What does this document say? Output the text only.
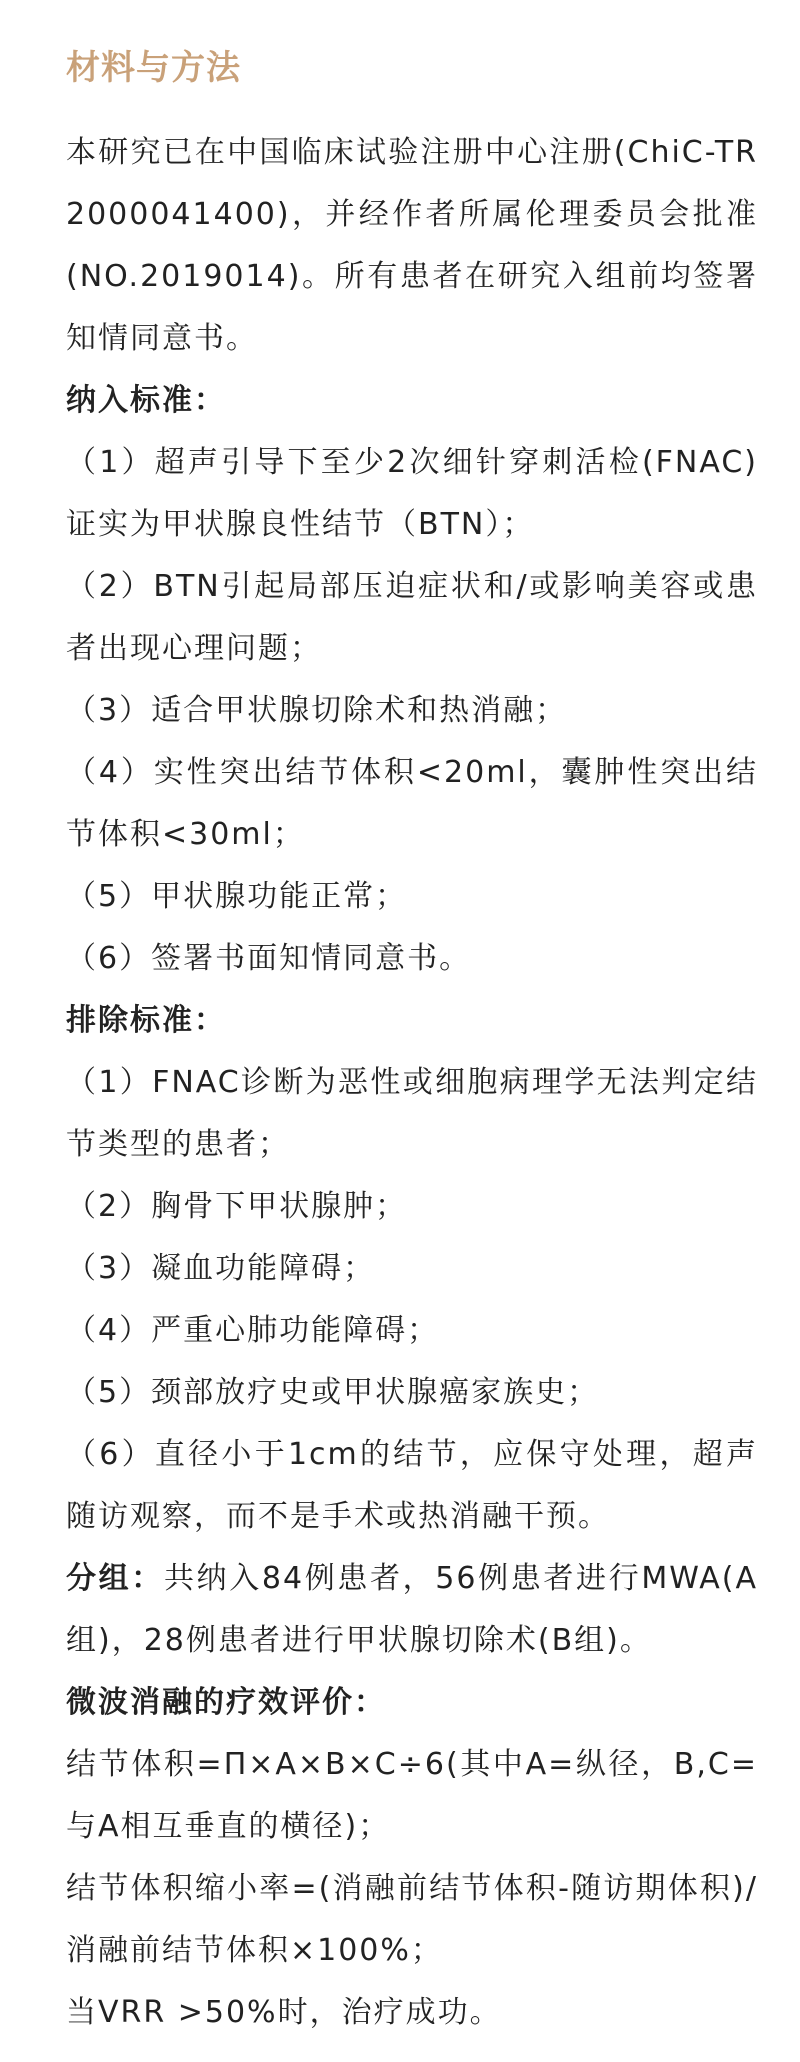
材料与方法

本研究已在中国临床试验注册中心注册(ChiC-TR2000041400)，并经作者所属伦理委员会批准(NO.2019014)。所有患者在研究入组前均签署知情同意书。

纳入标准：

（1）超声引导下至少2次细针穿刺活检(FNAC)证实为甲状腺良性结节（BTN）；

（2）BTN引起局部压迫症状和/或影响美容或患者出现心理问题；

（3）适合甲状腺切除术和热消融；

（4）实性突出结节体积<20ml，囊肿性突出结节体积<30ml；

（5）甲状腺功能正常；

（6）签署书面知情同意书。

排除标准：

（1）FNAC诊断为恶性或细胞病理学无法判定结节类型的患者；

（2）胸骨下甲状腺肿；

（3）凝血功能障碍；

（4）严重心肺功能障碍；

（5）颈部放疗史或甲状腺癌家族史；

（6）直径小于1cm的结节，应保守处理，超声随访观察，而不是手术或热消融干预。

分组：共纳入84例患者，56例患者进行MWA(A组)，28例患者进行甲状腺切除术(B组)。

微波消融的疗效评价：

结节体积=Π×A×B×C÷6(其中A=纵径，B,C=与A相互垂直的横径)；

结节体积缩小率=(消融前结节体积-随访期体积)/消融前结节体积×100%；

当VRR >50%时，治疗成功。
